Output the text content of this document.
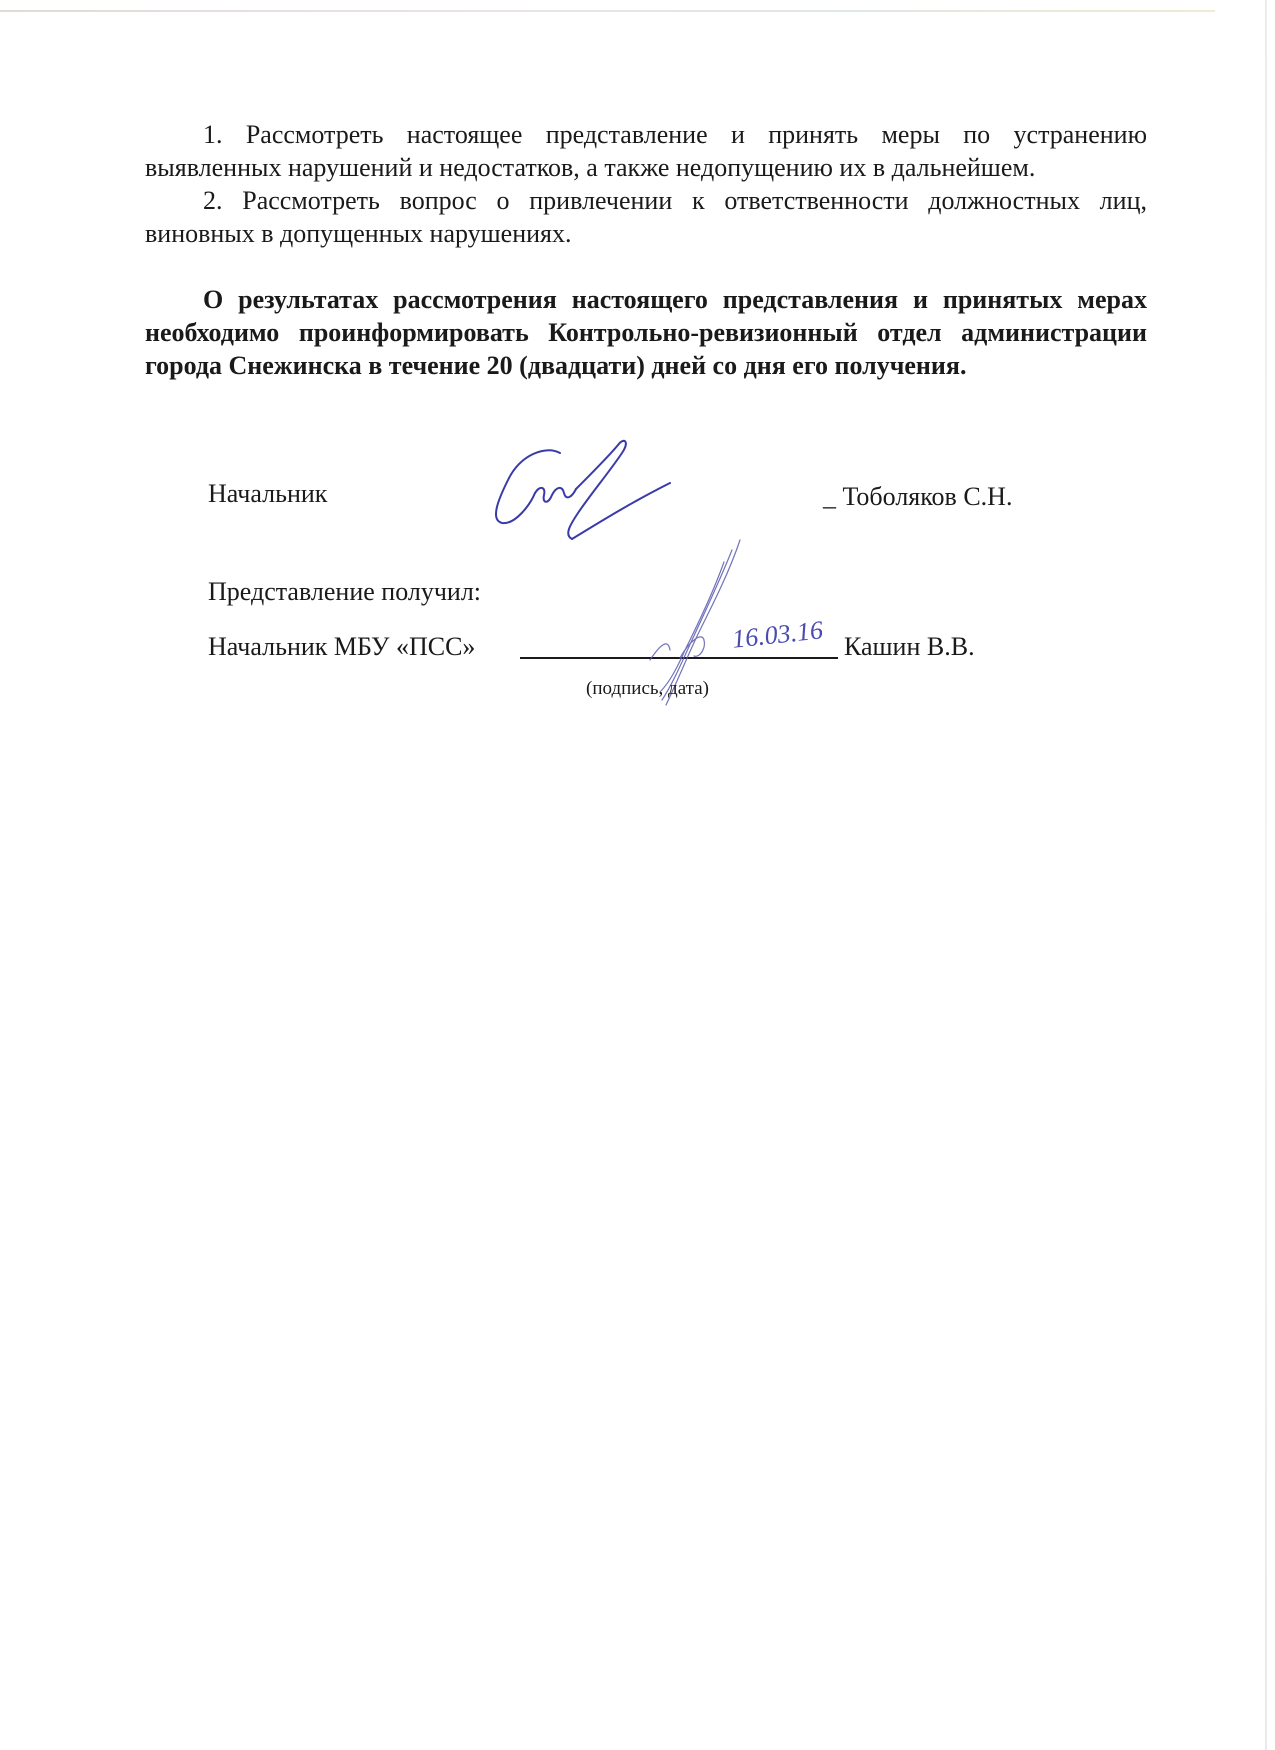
1. Рассмотреть настоящее представление и принять меры по устранению выявленных нарушений и недостатков, а также недопущению их в дальнейшем.

2. Рассмотреть вопрос о привлечении к ответственности должностных лиц, виновных в допущенных нарушениях.

О результатах рассмотрения настоящего представления и принятых мерах необходимо проинформировать Контрольно-ревизионный отдел администрации города Снежинска в течение 20 (двадцати) дней со дня его получения.

Начальник	_ Тоболяков С.Н.
Представление получил:
Начальник МБУ «ПСС»	16.03.16 Кашин В.В.
(подпись, дата)
